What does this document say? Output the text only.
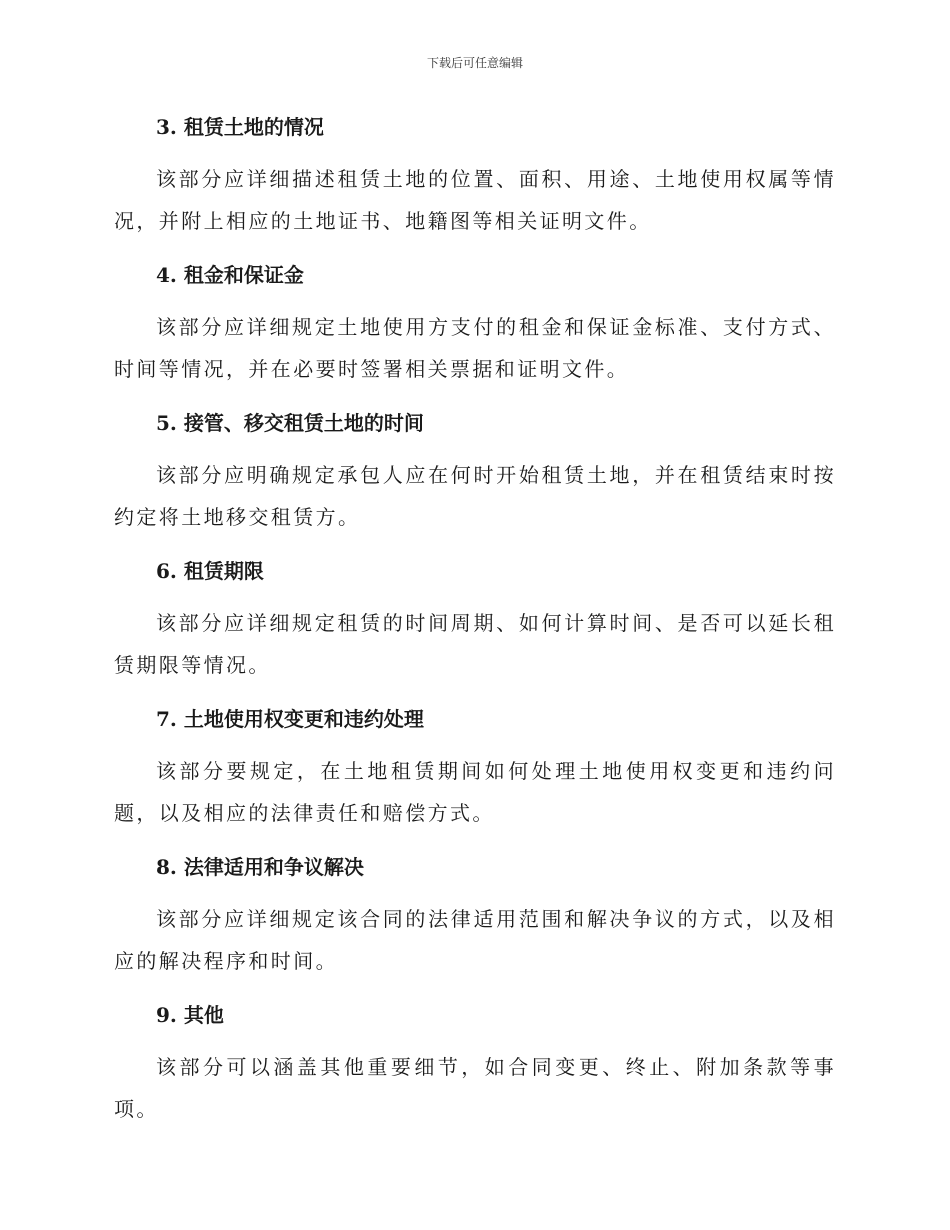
下载后可任意编辑

3. 租赁土地的情况

该部分应详细描述租赁土地的位置、面积、用途、土地使用权属等情况，并附上相应的土地证书、地籍图等相关证明文件。

4. 租金和保证金

该部分应详细规定土地使用方支付的租金和保证金标准、支付方式、时间等情况，并在必要时签署相关票据和证明文件。

5. 接管、移交租赁土地的时间

该部分应明确规定承包人应在何时开始租赁土地，并在租赁结束时按约定将土地移交租赁方。

6. 租赁期限

该部分应详细规定租赁的时间周期、如何计算时间、是否可以延长租赁期限等情况。

7. 土地使用权变更和违约处理

该部分要规定，在土地租赁期间如何处理土地使用权变更和违约问题，以及相应的法律责任和赔偿方式。

8. 法律适用和争议解决

该部分应详细规定该合同的法律适用范围和解决争议的方式，以及相应的解决程序和时间。

9. 其他

该部分可以涵盖其他重要细节，如合同变更、终止、附加条款等事项。
